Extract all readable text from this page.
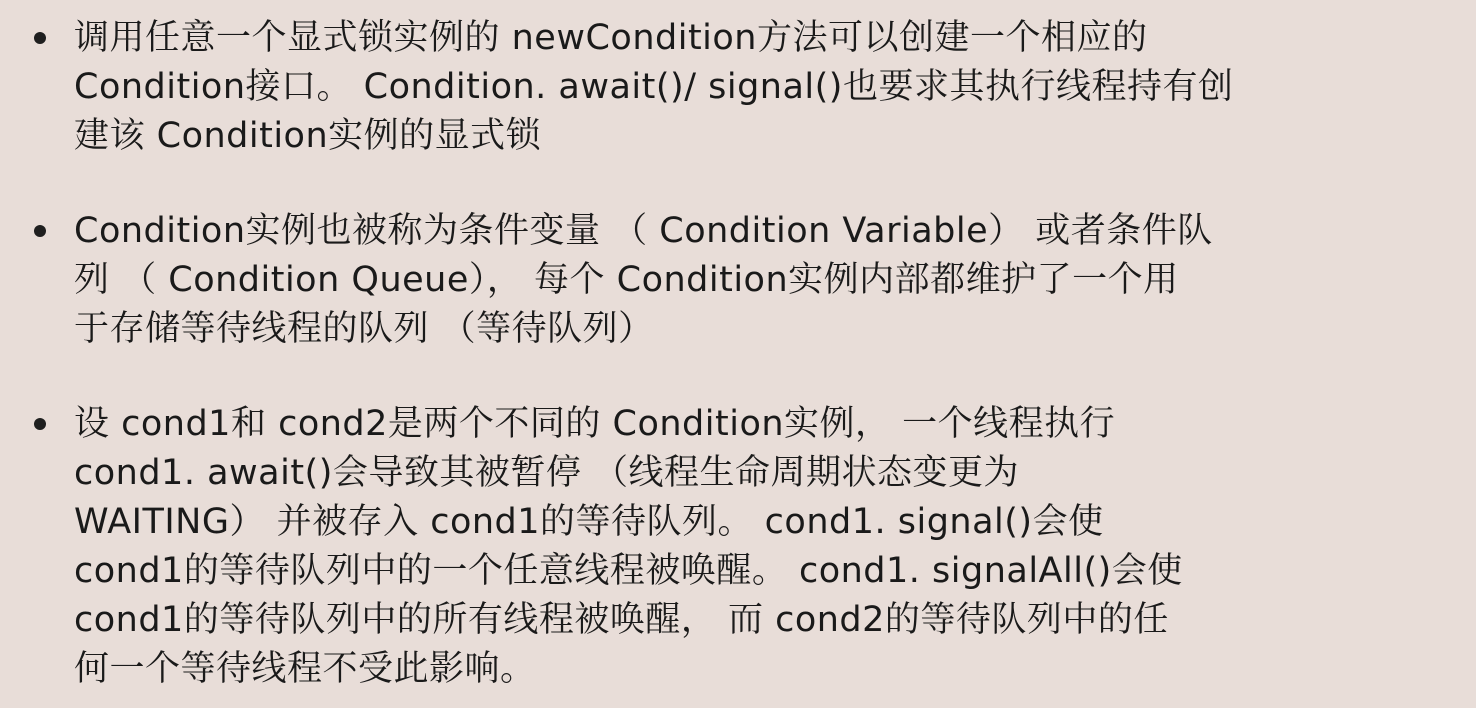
调用任意一个显式锁实例的 newCondition方法可以创建一个相应的
Condition接口。 Condition. await()/ signal()也要求其执行线程持有创
建该 Condition实例的显式锁
Condition实例也被称为条件变量 （ Condition Variable） 或者条件队
列 （ Condition Queue）， 每个 Condition实例内部都维护了一个用
于存储等待线程的队列 （等待队列）
设 cond1和 cond2是两个不同的 Condition实例， 一个线程执行
cond1. await()会导致其被暂停 （线程生命周期状态变更为
WAITING） 并被存入 cond1的等待队列。 cond1. signal()会使
cond1的等待队列中的一个任意线程被唤醒。 cond1. signalAll()会使
cond1的等待队列中的所有线程被唤醒， 而 cond2的等待队列中的任
何一个等待线程不受此影响。
